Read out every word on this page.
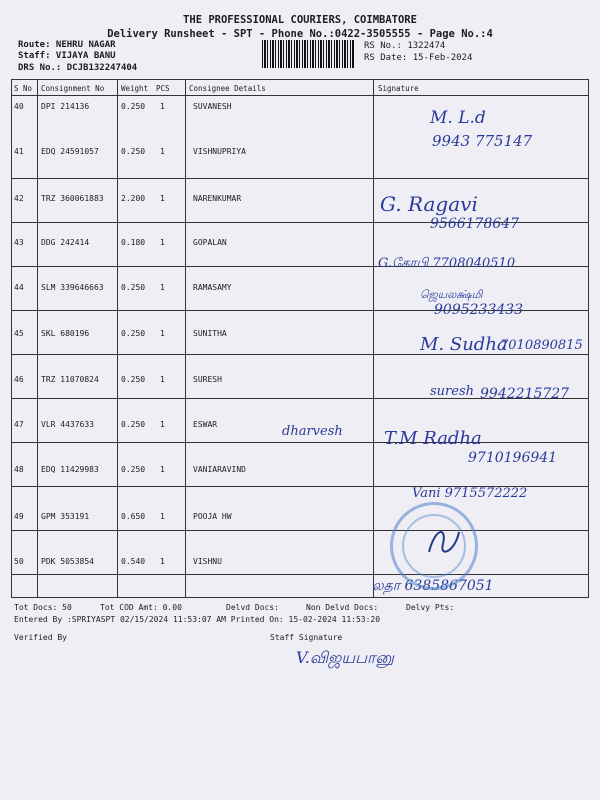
THE PROFESSIONAL COURIERS, COIMBATORE
Delivery Runsheet - SPT - Phone No.:0422-3505555 - Page No.:4
Route: NEHRU NAGAR
Staff: VIJAYA BANU
DRS No.: DCJB132247404
RS No.: 1322474
RS Date: 15-Feb-2024
S No Consignment No Weight PCS	Consignee Details	Signature
40 DPI 214136	0.250 1	SUVANESH
41 EDQ 24591057	0.250 1	VISHNUPRIYA
42 TRZ 360061883 2.200 1	NARENKUMAR
43 DDG 242414	0.180 1	GOPALAN
44 SLM 339646663 0.250 1	RAMASAMY
45 SKL 680196	0.250 1	SUNITHA
46 TRZ 11070824	0.250 1	SURESH
47 VLR 4437633	0.250 1	ESWAR
48 EDQ 11429983	0.250 1	VANIARAVIND
49 GPM 353191	0.650 1	POOJA HW
50 PDK 5053854	0.540 1	VISHNU
M. L.d
9943 775147
G. Ragavi
9566178647
G.கோபி 7708040510
ஜெயலக்ஷ்மி
9095233433
M. Sudha
7010890815
suresh 9942215727
dharvesh T.M Radha
9710196941
Vani 9715572222
லதா 6385867051
Tot Docs: 50	Tot COD Amt: 0.00	Delvd Docs:	Non Delvd Docs:	Delvy Pts:
Entered By :SPRIYASPT 02/15/2024 11:53:07 AM Printed On: 15-02-2024 11:53:20
Verified By	Staff Signature
V.விஜயபானு
